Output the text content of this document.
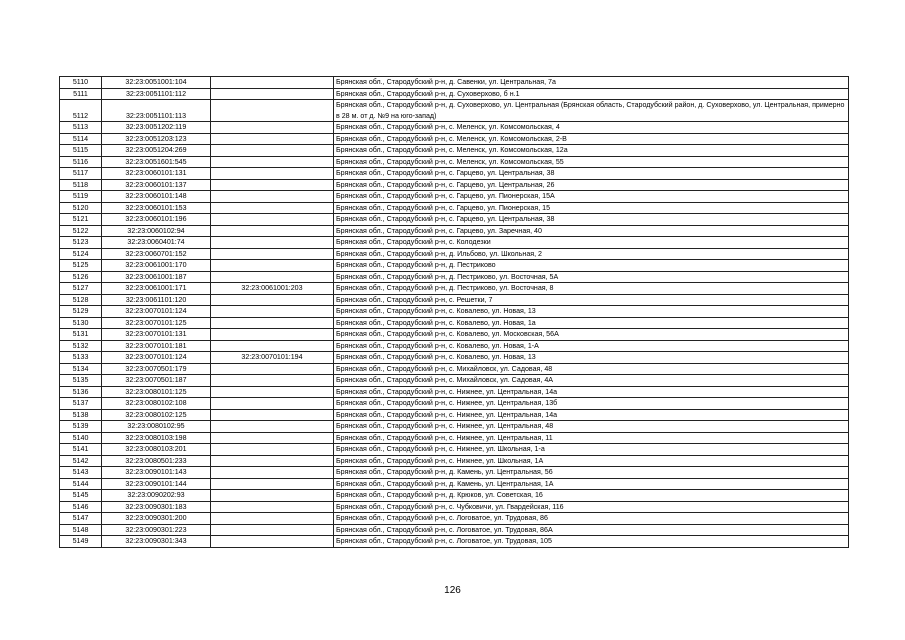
5110	32:23:0051001:104		Брянская обл., Стародубский р-н, д. Савенки, ул. Центральная, 7а
5111	32:23:0051101:112		Брянская обл., Стародубский р-н, д. Суховерхово, б н.1
5112	32:23:0051101:113		Брянская обл., Стародубский р-н, д. Суховерхово, ул. Центральная (Брянская область, Стародубский район, д. Суховерхово, ул. Центральная, примерно в 28 м. от д. №9 на юго-запад)
5113	32:23:0051202:119		Брянская обл., Стародубский р-н, с. Меленск, ул. Комсомольская, 4
5114	32:23:0051203:123		Брянская обл., Стародубский р-н, с. Меленск, ул. Комсомольская, 2-В
5115	32:23:0051204:269		Брянская обл., Стародубский р-н, с. Меленск, ул. Комсомольская, 12а
5116	32:23:0051601:545		Брянская обл., Стародубский р-н, с. Меленск, ул. Комсомольская, 55
5117	32:23:0060101:131		Брянская обл., Стародубский р-н, с. Гарцево, ул. Центральная, 38
5118	32:23:0060101:137		Брянская обл., Стародубский р-н, с. Гарцево, ул. Центральная, 26
5119	32:23:0060101:148		Брянская обл., Стародубский р-н, с. Гарцево, ул. Пионерская, 15А
5120	32:23:0060101:153		Брянская обл., Стародубский р-н, с. Гарцево, ул. Пионерская, 15
5121	32:23:0060101:196		Брянская обл., Стародубский р-н, с. Гарцево, ул. Центральная, 38
5122	32:23:0060102:94		Брянская обл., Стародубский р-н, с. Гарцево, ул. Заречная, 40
5123	32:23:0060401:74		Брянская обл., Стародубский р-н, с. Колодезки
5124	32:23:0060701:152		Брянская обл., Стародубский р-н, д. Ильбово, ул. Школьная, 2
5125	32:23:0061001:170		Брянская обл., Стародубский р-н, д. Пестриково
5126	32:23:0061001:187		Брянская обл., Стародубский р-н, д. Пестриково, ул. Восточная, 5А
5127	32:23:0061001:171	32:23:0061001:203	Брянская обл., Стародубский р-н, д. Пестриково, ул. Восточная, 8
5128	32:23:0061101:120		Брянская обл., Стародубский р-н, с. Решетки, 7
5129	32:23:0070101:124		Брянская обл., Стародубский р-н, с. Ковалево, ул. Новая, 13
5130	32:23:0070101:125		Брянская обл., Стародубский р-н, с. Ковалево, ул. Новая, 1а
5131	32:23:0070101:131		Брянская обл., Стародубский р-н, с. Ковалево, ул. Московская, 56А
5132	32:23:0070101:181		Брянская обл., Стародубский р-н, с. Ковалево, ул. Новая, 1-А
5133	32:23:0070101:124	32:23:0070101:194	Брянская обл., Стародубский р-н, с. Ковалево, ул. Новая, 13
5134	32:23:0070501:179		Брянская обл., Стародубский р-н, с. Михайловск, ул. Садовая, 48
5135	32:23:0070501:187		Брянская обл., Стародубский р-н, с. Михайловск, ул. Садовая, 4А
5136	32:23:0080101:125		Брянская обл., Стародубский р-н, с. Нижнее, ул. Центральная, 14а
5137	32:23:0080102:108		Брянская обл., Стародубский р-н, с. Нижнее, ул. Центральная, 13б
5138	32:23:0080102:125		Брянская обл., Стародубский р-н, с. Нижнее, ул. Центральная, 14а
5139	32:23:0080102:95		Брянская обл., Стародубский р-н, с. Нижнее, ул. Центральная, 48
5140	32:23:0080103:198		Брянская обл., Стародубский р-н, с. Нижнее, ул. Центральная, 11
5141	32:23:0080103:201		Брянская обл., Стародубский р-н, с. Нижнее, ул. Школьная, 1-а
5142	32:23:0080501:233		Брянская обл., Стародубский р-н, с. Нижнее, ул. Школьная, 1А
5143	32:23:0090101:143		Брянская обл., Стародубский р-н, д. Камень, ул. Центральная, 56
5144	32:23:0090101:144		Брянская обл., Стародубский р-н, д. Камень, ул. Центральная, 1А
5145	32:23:0090202:93		Брянская обл., Стародубский р-н, д. Крюков, ул. Советская, 16
5146	32:23:0090301:183		Брянская обл., Стародубский р-н, с. Чубковичи, ул. Гвардейская, 116
5147	32:23:0090301:200		Брянская обл., Стародубский р-н, с. Логоватое, ул. Трудовая, 86
5148	32:23:0090301:223		Брянская обл., Стародубский р-н, с. Логоватое, ул. Трудовая, 86А
5149	32:23:0090301:343		Брянская обл., Стародубский р-н, с. Логоватое, ул. Трудовая, 105
126
